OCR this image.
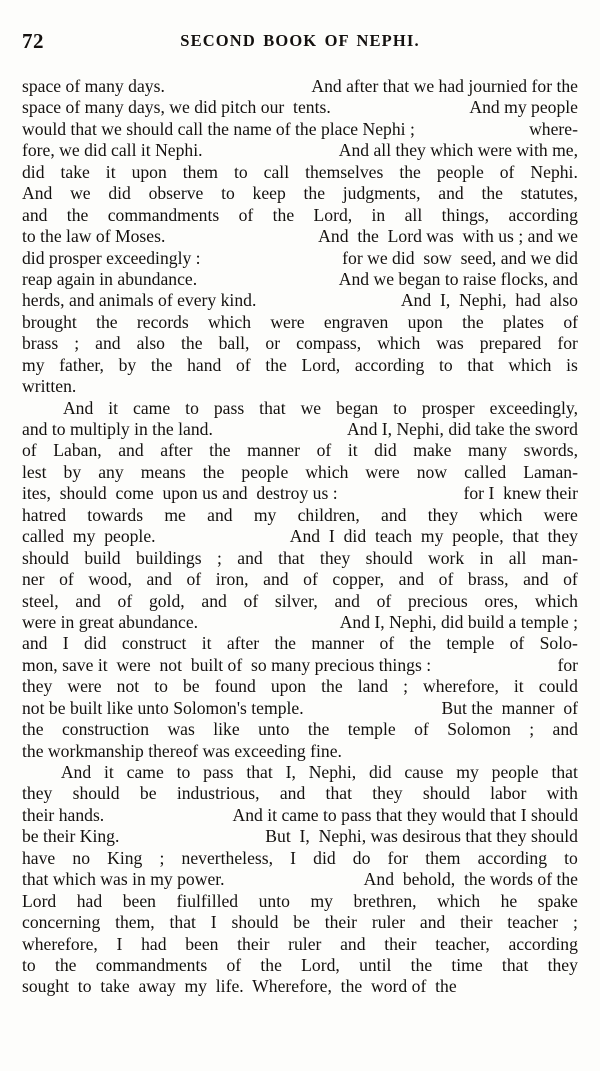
72	SECOND BOOK OF NEPHI.

space of many days.	And after that we had journied for the
space of many days, we did pitch our  tents.	And my people
would that we should call the name of the place Nephi ;	where-
fore, we did call it Nephi.	And all they which were with me,
did take it upon them to call themselves the people of Nephi.
And we did observe to keep the judgments, and the statutes,
and the commandments of the Lord, in all things, according
to the law of Moses.	And  the  Lord was  with us ; and we
did prosper exceedingly :	for we did  sow  seed, and we did
reap again in abundance.	And we began to raise flocks, and
herds, and animals of every kind.	And  I,  Nephi,  had  also
brought the records which were engraven upon the plates of
brass ; and also the ball, or compass, which was prepared for
my father, by the hand of the Lord, according to that which is
written.

And it came to pass that we began to prosper exceedingly,
and to multiply in the land.	And I, Nephi, did take the sword
of Laban, and after the manner of it did make many swords,
lest by any means the people which were now called Laman-
ites,  should  come  upon us and  destroy us :	for I  knew their
hatred towards me and my children, and they which were
called  my  people.	And  I  did  teach  my  people,  that  they
should build buildings ; and that they should work in all man-
ner of wood, and of iron, and of copper, and of brass, and of
steel, and of gold, and of silver, and of precious ores, which
were in great abundance.	And I, Nephi, did build a temple ;
and I did construct it after the manner of the temple of Solo-
mon, save it  were  not  built of  so many precious things :	for
they were not to be found upon the land ; wherefore, it could
not be built like unto Solomon's temple.	But the  manner  of
the construction was like unto the temple of Solomon ; and
the workmanship thereof was exceeding fine.

And it came to pass that I, Nephi, did cause my people that
they should be industrious, and that they should labor with
their hands.	And it came to pass that they would that I should
be their King.	But  I,  Nephi, was desirous that they should
have no King ; nevertheless, I did do for them according to
that which was in my power.	And  behold,  the words of the
Lord had been fiulfilled unto my brethren, which he spake
concerning them, that I should be their ruler and their teacher ;
wherefore, I had been their ruler and their teacher, according
to the commandments of the Lord, until the time that they
sought  to  take  away  my  life.  Wherefore,  the  word of  the
